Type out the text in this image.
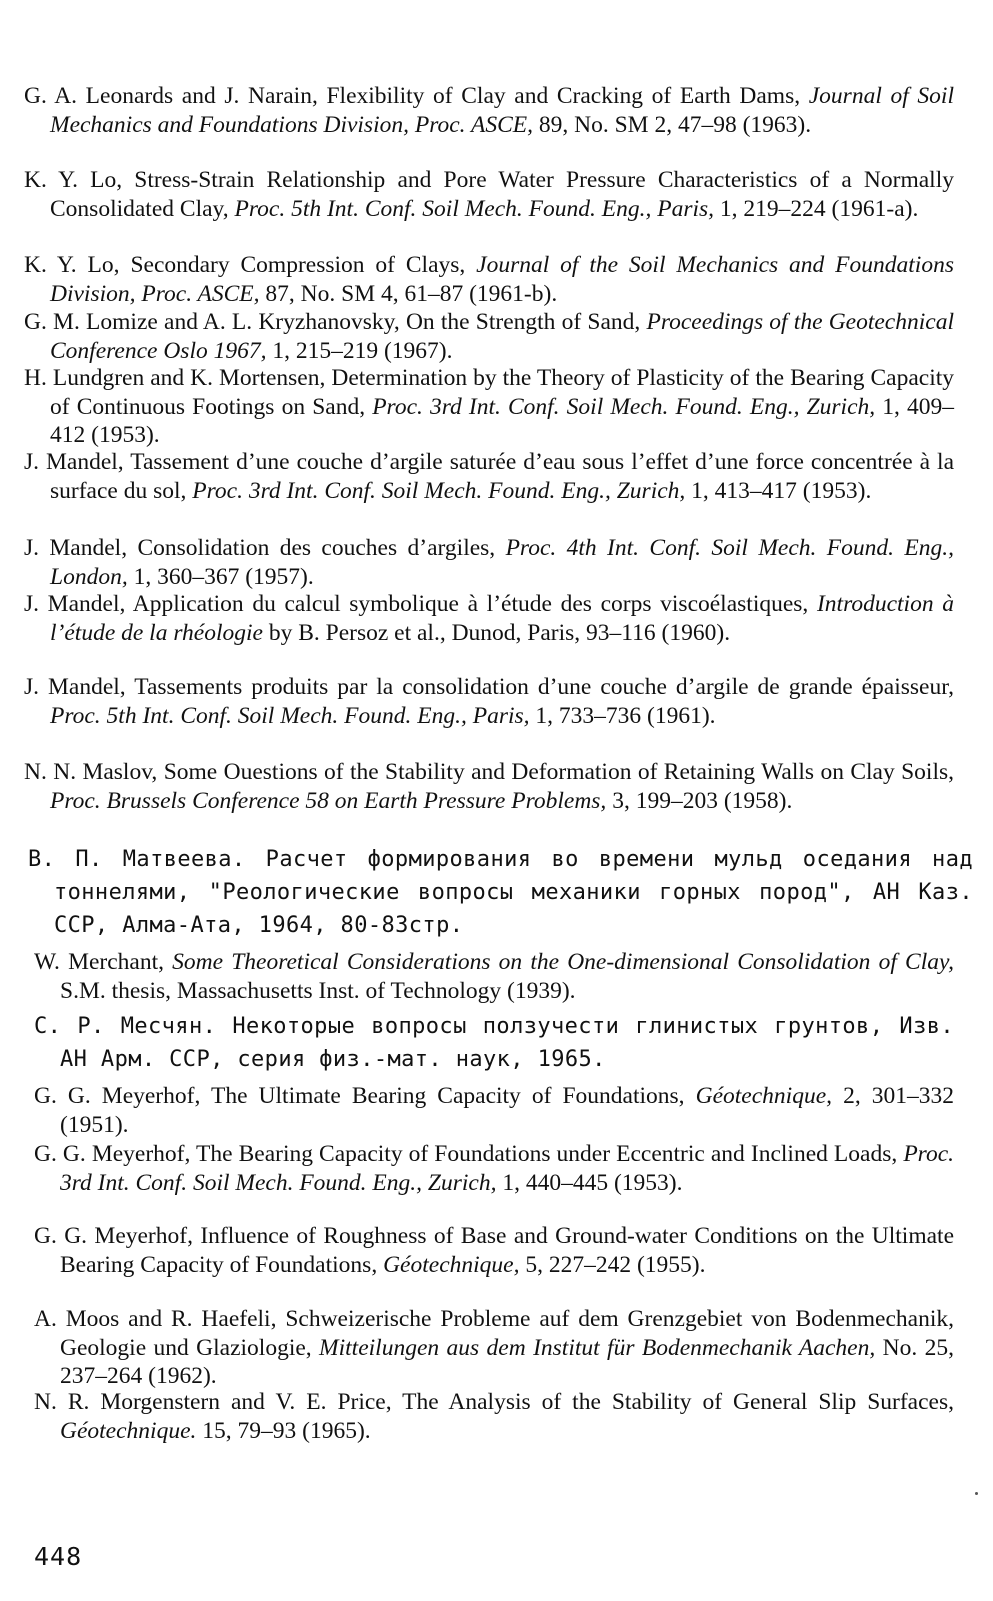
G. A. Leonards and J. Narain, Flexibility of Clay and Cracking of Earth Dams, Journal of Soil Mechanics and Foundations Division, Proc. ASCE, 89, No. SM 2, 47–98 (1963).
K. Y. Lo, Stress-Strain Relationship and Pore Water Pressure Characteristics of a Normally Consolidated Clay, Proc. 5th Int. Conf. Soil Mech. Found. Eng., Paris, 1, 219–224 (1961-a).
K. Y. Lo, Secondary Compression of Clays, Journal of the Soil Mechanics and Foundations Division, Proc. ASCE, 87, No. SM 4, 61–87 (1961-b).
G. M. Lomize and A. L. Kryzhanovsky, On the Strength of Sand, Proceedings of the Geotechnical Conference Oslo 1967, 1, 215–219 (1967).
H. Lundgren and K. Mortensen, Determination by the Theory of Plasticity of the Bearing Capacity of Continuous Footings on Sand, Proc. 3rd Int. Conf. Soil Mech. Found. Eng., Zurich, 1, 409–412 (1953).
J. Mandel, Tassement d’une couche d’argile saturée d’eau sous l’effet d’une force concentrée à la surface du sol, Proc. 3rd Int. Conf. Soil Mech. Found. Eng., Zurich, 1, 413–417 (1953).
J. Mandel, Consolidation des couches d’argiles, Proc. 4th Int. Conf. Soil Mech. Found. Eng., London, 1, 360–367 (1957).
J. Mandel, Application du calcul symbolique à l’étude des corps viscoélastiques, Introduction à l’étude de la rhéologie by B. Persoz et al., Dunod, Paris, 93–116 (1960).
J. Mandel, Tassements produits par la consolidation d’une couche d’argile de grande épaisseur, Proc. 5th Int. Conf. Soil Mech. Found. Eng., Paris, 1, 733–736 (1961).
N. N. Maslov, Some Ouestions of the Stability and Deformation of Retaining Walls on Clay Soils, Proc. Brussels Conference 58 on Earth Pressure Problems, 3, 199–203 (1958).
В. П. Матвеева. Расчет формирования во времени мульд оседания над тоннелями, "Реологические вопросы механики горных пород", АН Каз. ССР, Алма-Ата, 1964, 80-83стр.
W. Merchant, Some Theoretical Considerations on the One-dimensional Consolidation of Clay, S.M. thesis, Massachusetts Inst. of Technology (1939).
С. Р. Месчян. Некоторые вопросы ползучести глинистых грунтов, Изв. АН Арм. ССР, серия физ.-мат. наук, 1965.
G. G. Meyerhof, The Ultimate Bearing Capacity of Foundations, Géotechnique, 2, 301–332 (1951).
G. G. Meyerhof, The Bearing Capacity of Foundations under Eccentric and Inclined Loads, Proc. 3rd Int. Conf. Soil Mech. Found. Eng., Zurich, 1, 440–445 (1953).
G. G. Meyerhof, Influence of Roughness of Base and Ground-water Conditions on the Ultimate Bearing Capacity of Foundations, Géotechnique, 5, 227–242 (1955).
A. Moos and R. Haefeli, Schweizerische Probleme auf dem Grenzgebiet von Bodenmechanik, Geologie und Glaziologie, Mitteilungen aus dem Institut für Bodenmechanik Aachen, No. 25, 237–264 (1962).
N. R. Morgenstern and V. E. Price, The Analysis of the Stability of General Slip Surfaces, Géotechnique. 15, 79–93 (1965).
448
